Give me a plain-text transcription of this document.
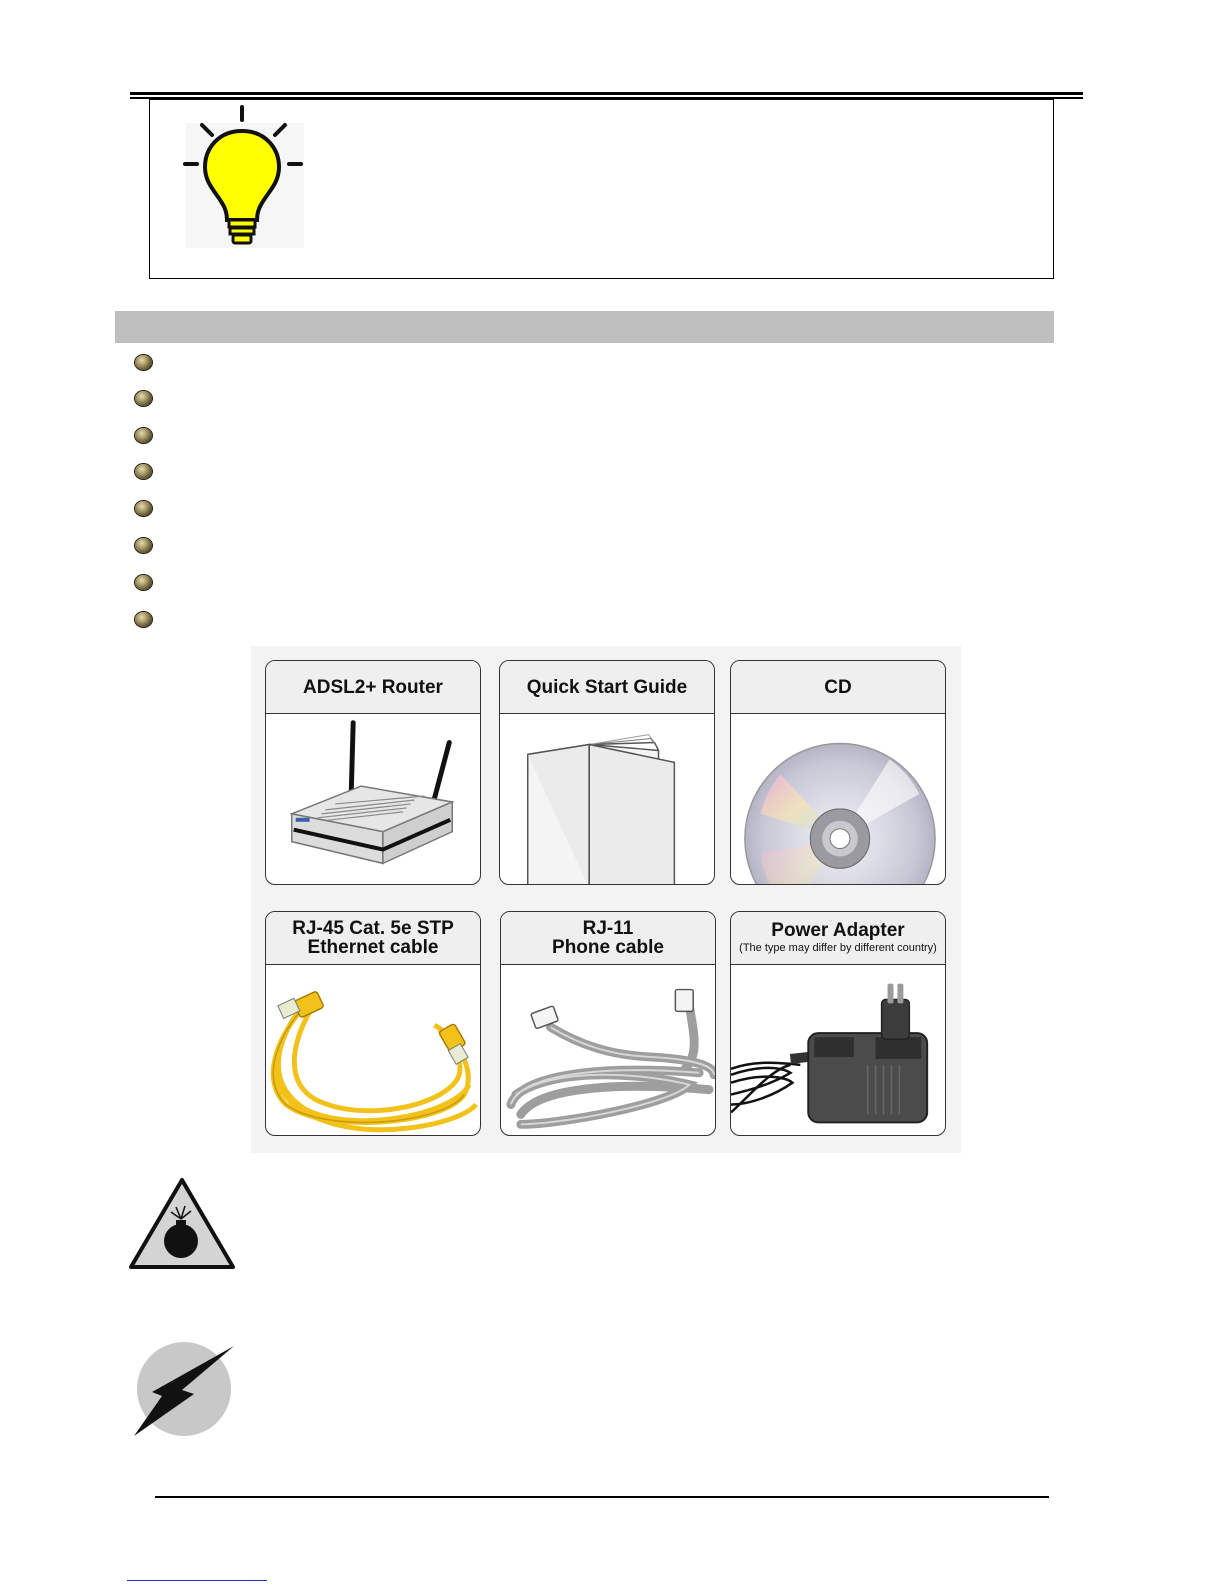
ADSL2+ Router	Quick Start Guide	CD
RJ-45 Cat. 5e STP
Ethernet cable
RJ-11
Phone cable
Power Adapter
(The type may differ by different country)
